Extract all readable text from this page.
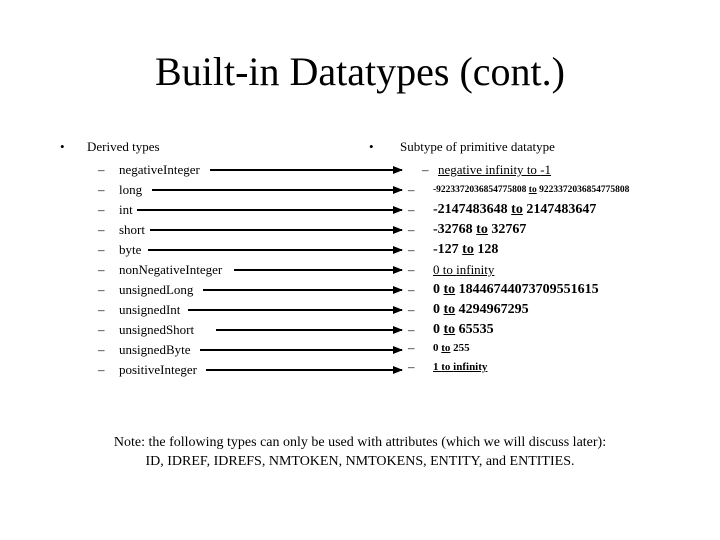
Built-in Datatypes (cont.)
• Derived types
– negativeInteger
– long
– int
– short
– byte
– nonNegativeInteger
– unsignedLong
– unsignedInt
– unsignedShort
– unsignedByte
– positiveInteger
• Subtype of primitive datatype
– negative infinity to -1
– -9223372036854775808 to 9223372036854775808
– -2147483648 to 2147483647
– -32768 to 32767
– -127 to 128
– 0 to infinity
– 0 to 18446744073709551615
– 0 to 4294967295
– 0 to 65535
– 0 to 255
– 1 to infinity
Note: the following types can only be used with attributes (which we will discuss later):
ID, IDREF, IDREFS, NMTOKEN, NMTOKENS, ENTITY, and ENTITIES.
